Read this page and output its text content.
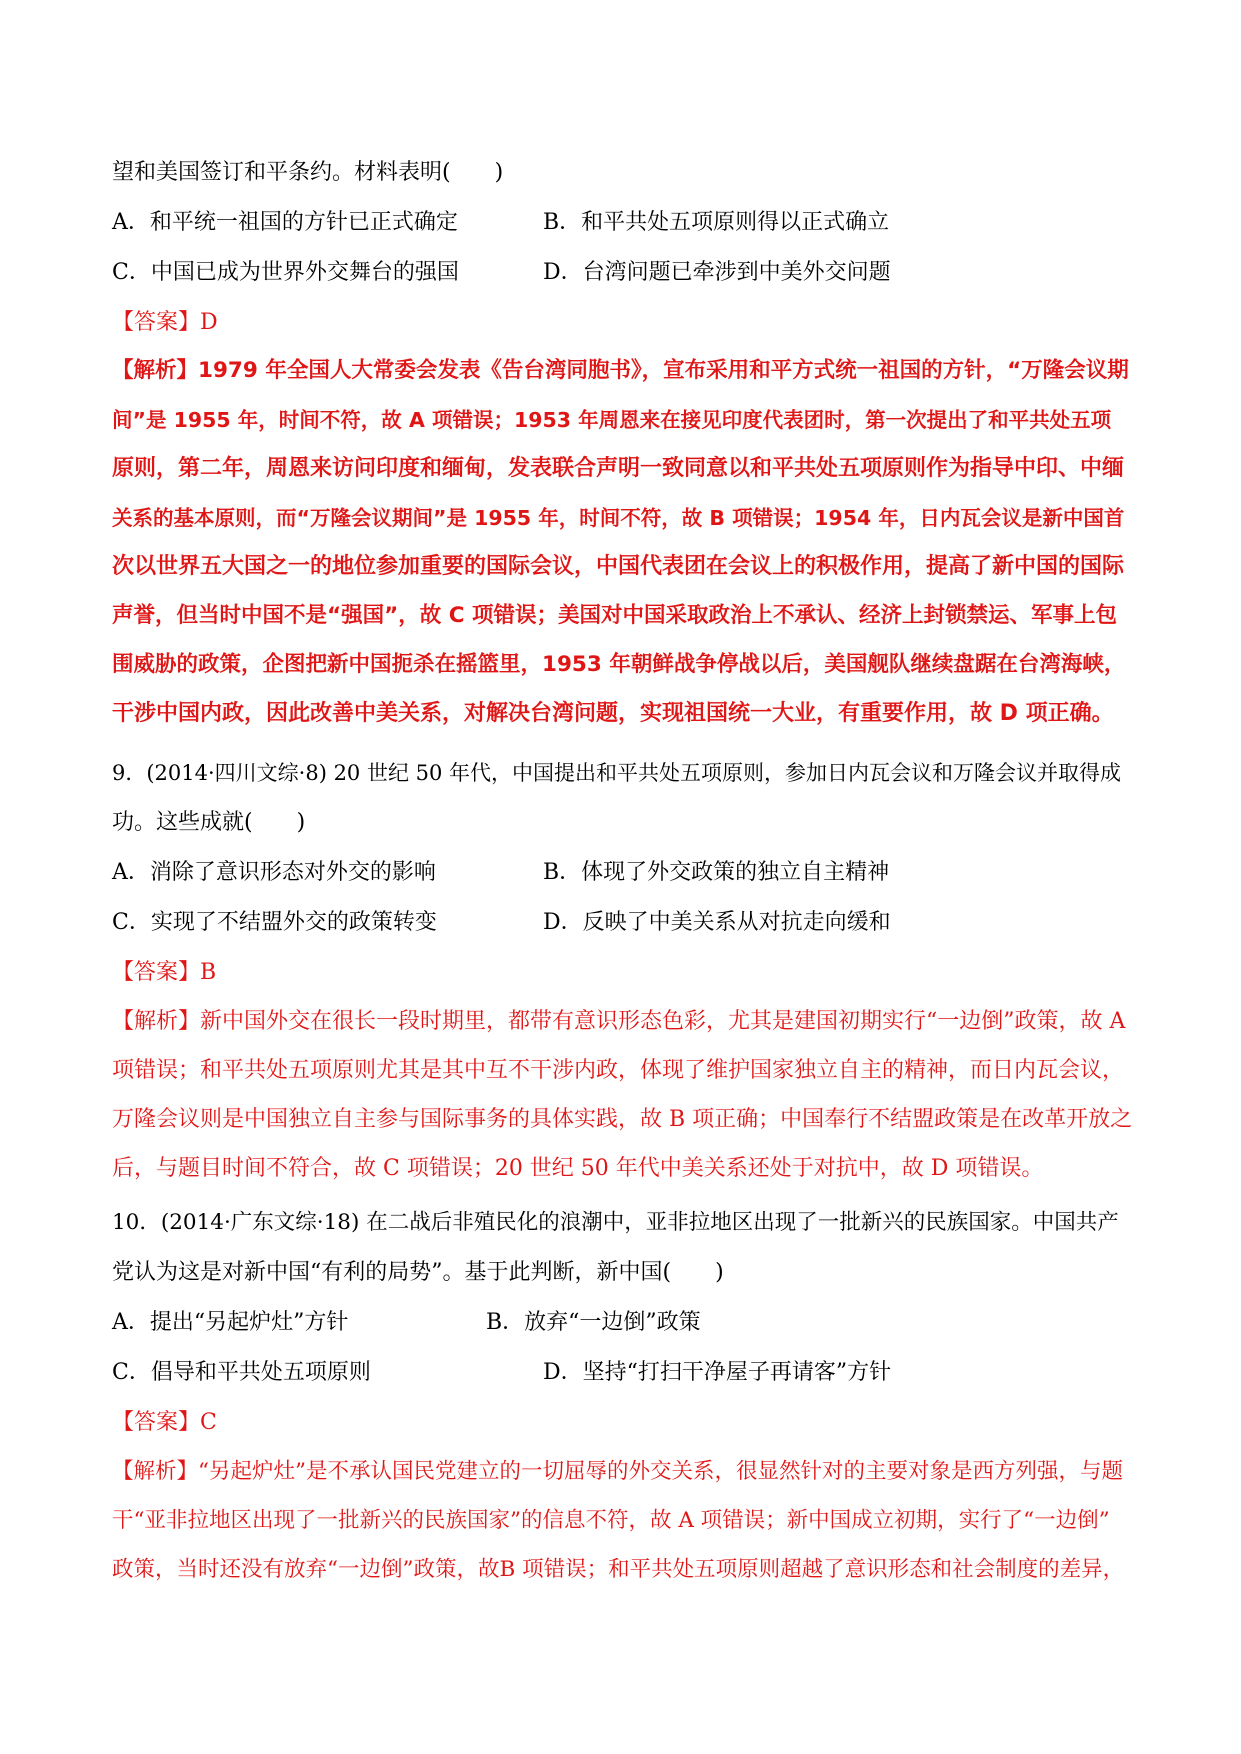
望和美国签订和平条约。材料表明(　　)
A．和平统一祖国的方针已正式确定	B．和平共处五项原则得以正式确立
C．中国已成为世界外交舞台的强国	D．台湾问题已牵涉到中美外交问题
【答案】D
【解析】1979 年全国人大常委会发表《告台湾同胞书》，宣布采用和平方式统一祖国的方针，“万隆会议期
间”是 1955 年，时间不符，故 A 项错误；1953 年周恩来在接见印度代表团时，第一次提出了和平共处五项
原则，第二年，周恩来访问印度和缅甸，发表联合声明一致同意以和平共处五项原则作为指导中印、中缅
关系的基本原则，而“万隆会议期间”是 1955 年，时间不符，故 B 项错误；1954 年，日内瓦会议是新中国首
次以世界五大国之一的地位参加重要的国际会议，中国代表团在会议上的积极作用，提高了新中国的国际
声誉，但当时中国不是“强国”，故 C 项错误；美国对中国采取政治上不承认、经济上封锁禁运、军事上包
围威胁的政策，企图把新中国扼杀在摇篮里，1953 年朝鲜战争停战以后，美国舰队继续盘踞在台湾海峡，
干涉中国内政，因此改善中美关系，对解决台湾问题，实现祖国统一大业，有重要作用，故 D 项正确。
9．(2014·四川文综·8) 20 世纪 50 年代，中国提出和平共处五项原则，参加日内瓦会议和万隆会议并取得成
功。这些成就(　　)
A．消除了意识形态对外交的影响	B．体现了外交政策的独立自主精神
C．实现了不结盟外交的政策转变	D．反映了中美关系从对抗走向缓和
【答案】B
【解析】新中国外交在很长一段时期里，都带有意识形态色彩，尤其是建国初期实行“一边倒”政策，故 A
项错误；和平共处五项原则尤其是其中互不干涉内政，体现了维护国家独立自主的精神，而日内瓦会议，
万隆会议则是中国独立自主参与国际事务的具体实践，故 B 项正确；中国奉行不结盟政策是在改革开放之
后，与题目时间不符合，故 C 项错误；20 世纪 50 年代中美关系还处于对抗中，故 D 项错误。
10．(2014·广东文综·18) 在二战后非殖民化的浪潮中，亚非拉地区出现了一批新兴的民族国家。中国共产
党认为这是对新中国“有利的局势”。基于此判断，新中国(　　)
A．提出“另起炉灶”方针	B．放弃“一边倒”政策
C．倡导和平共处五项原则	D．坚持“打扫干净屋子再请客”方针
【答案】C
【解析】“另起炉灶”是不承认国民党建立的一切屈辱的外交关系，很显然针对的主要对象是西方列强，与题
干“亚非拉地区出现了一批新兴的民族国家”的信息不符，故 A 项错误；新中国成立初期，实行了“一边倒”
政策，当时还没有放弃“一边倒”政策，故B 项错误；和平共处五项原则超越了意识形态和社会制度的差异，
